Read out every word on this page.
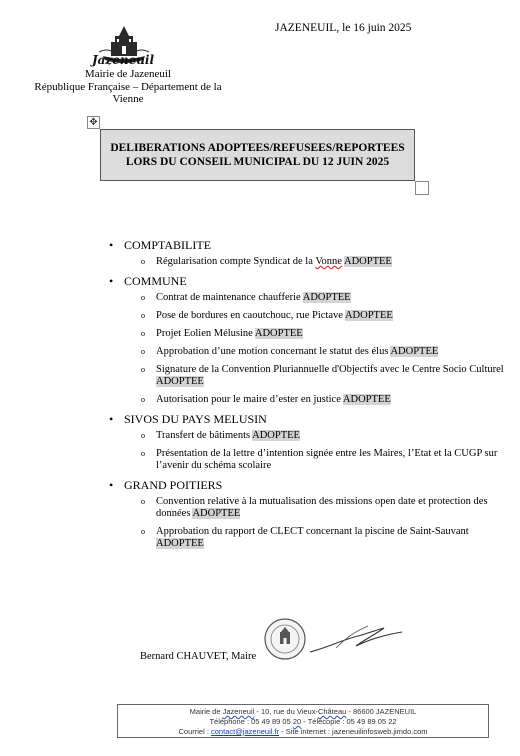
JAZENEUIL, le 16 juin 2025
Jazeneuil
Mairie de Jazeneuil
République Française – Département de la
Vienne
✥
DELIBERATIONS ADOPTEES/REFUSEES/REPORTEES
LORS DU CONSEIL MUNICIPAL DU 12 JUIN 2025
• COMPTABILITE
o Régularisation compte Syndicat de la Vonne ADOPTEE
• COMMUNE
o Contrat de maintenance chaufferie ADOPTEE
o Pose de bordures en caoutchouc, rue Pictave ADOPTEE
o Projet Eolien Mélusine ADOPTEE
o Approbation d’une motion concernant le statut des élus ADOPTEE
o Signature de la Convention Pluriannuelle d'Objectifs avec le Centre Socio Culturel ADOPTEE
o Autorisation pour le maire d’ester en justice ADOPTEE
• SIVOS DU PAYS MELUSIN
o Transfert de bâtiments ADOPTEE
o Présentation de la lettre d’intention signée entre les Maires, l’Etat et la CUGP sur l’avenir du schéma scolaire
• GRAND POITIERS
o Convention relative à la mutualisation des missions open date et protection des données ADOPTEE
o Approbation du rapport de CLECT concernant la piscine de Saint-Sauvant ADOPTEE
Bernard CHAUVET, Maire
Mairie de Jazeneuil - 10, rue du Vieux-Château - 86600 JAZENEUIL
Téléphone : 05 49 89 05 20 - Télécopie : 05 49 89 05 22
Courriel : contact@jazeneuil.fr - Site internet : jazeneuilinfosweb.jimdo.com
